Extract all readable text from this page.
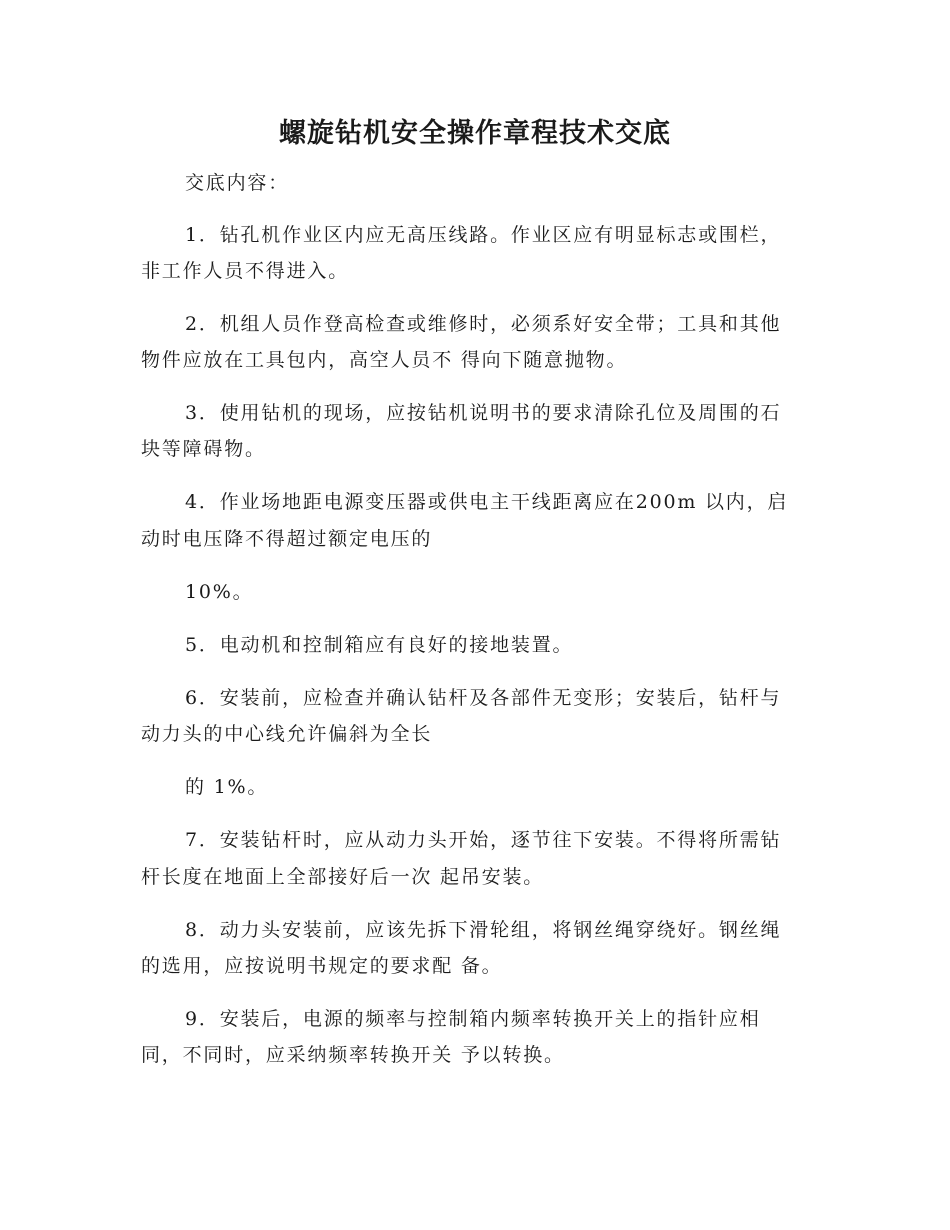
螺旋钻机安全操作章程技术交底
交底内容：
1．钻孔机作业区内应无高压线路。作业区应有明显标志或围栏，
非工作人员不得进入。
2．机组人员作登高检查或维修时，必须系好安全带；工具和其他
物件应放在工具包内，高空人员不 得向下随意抛物。
3．使用钻机的现场，应按钻机说明书的要求清除孔位及周围的石
块等障碍物。
4．作业场地距电源变压器或供电主干线距离应在200m 以内，启
动时电压降不得超过额定电压的
10%。
5．电动机和控制箱应有良好的接地装置。
6．安装前，应检查并确认钻杆及各部件无变形；安装后，钻杆与
动力头的中心线允许偏斜为全长
的 1%。
7．安装钻杆时，应从动力头开始，逐节往下安装。不得将所需钻
杆长度在地面上全部接好后一次 起吊安装。
8．动力头安装前，应该先拆下滑轮组，将钢丝绳穿绕好。钢丝绳
的选用，应按说明书规定的要求配 备。
9．安装后，电源的频率与控制箱内频率转换开关上的指针应相
同，不同时，应采纳频率转换开关 予以转换。
